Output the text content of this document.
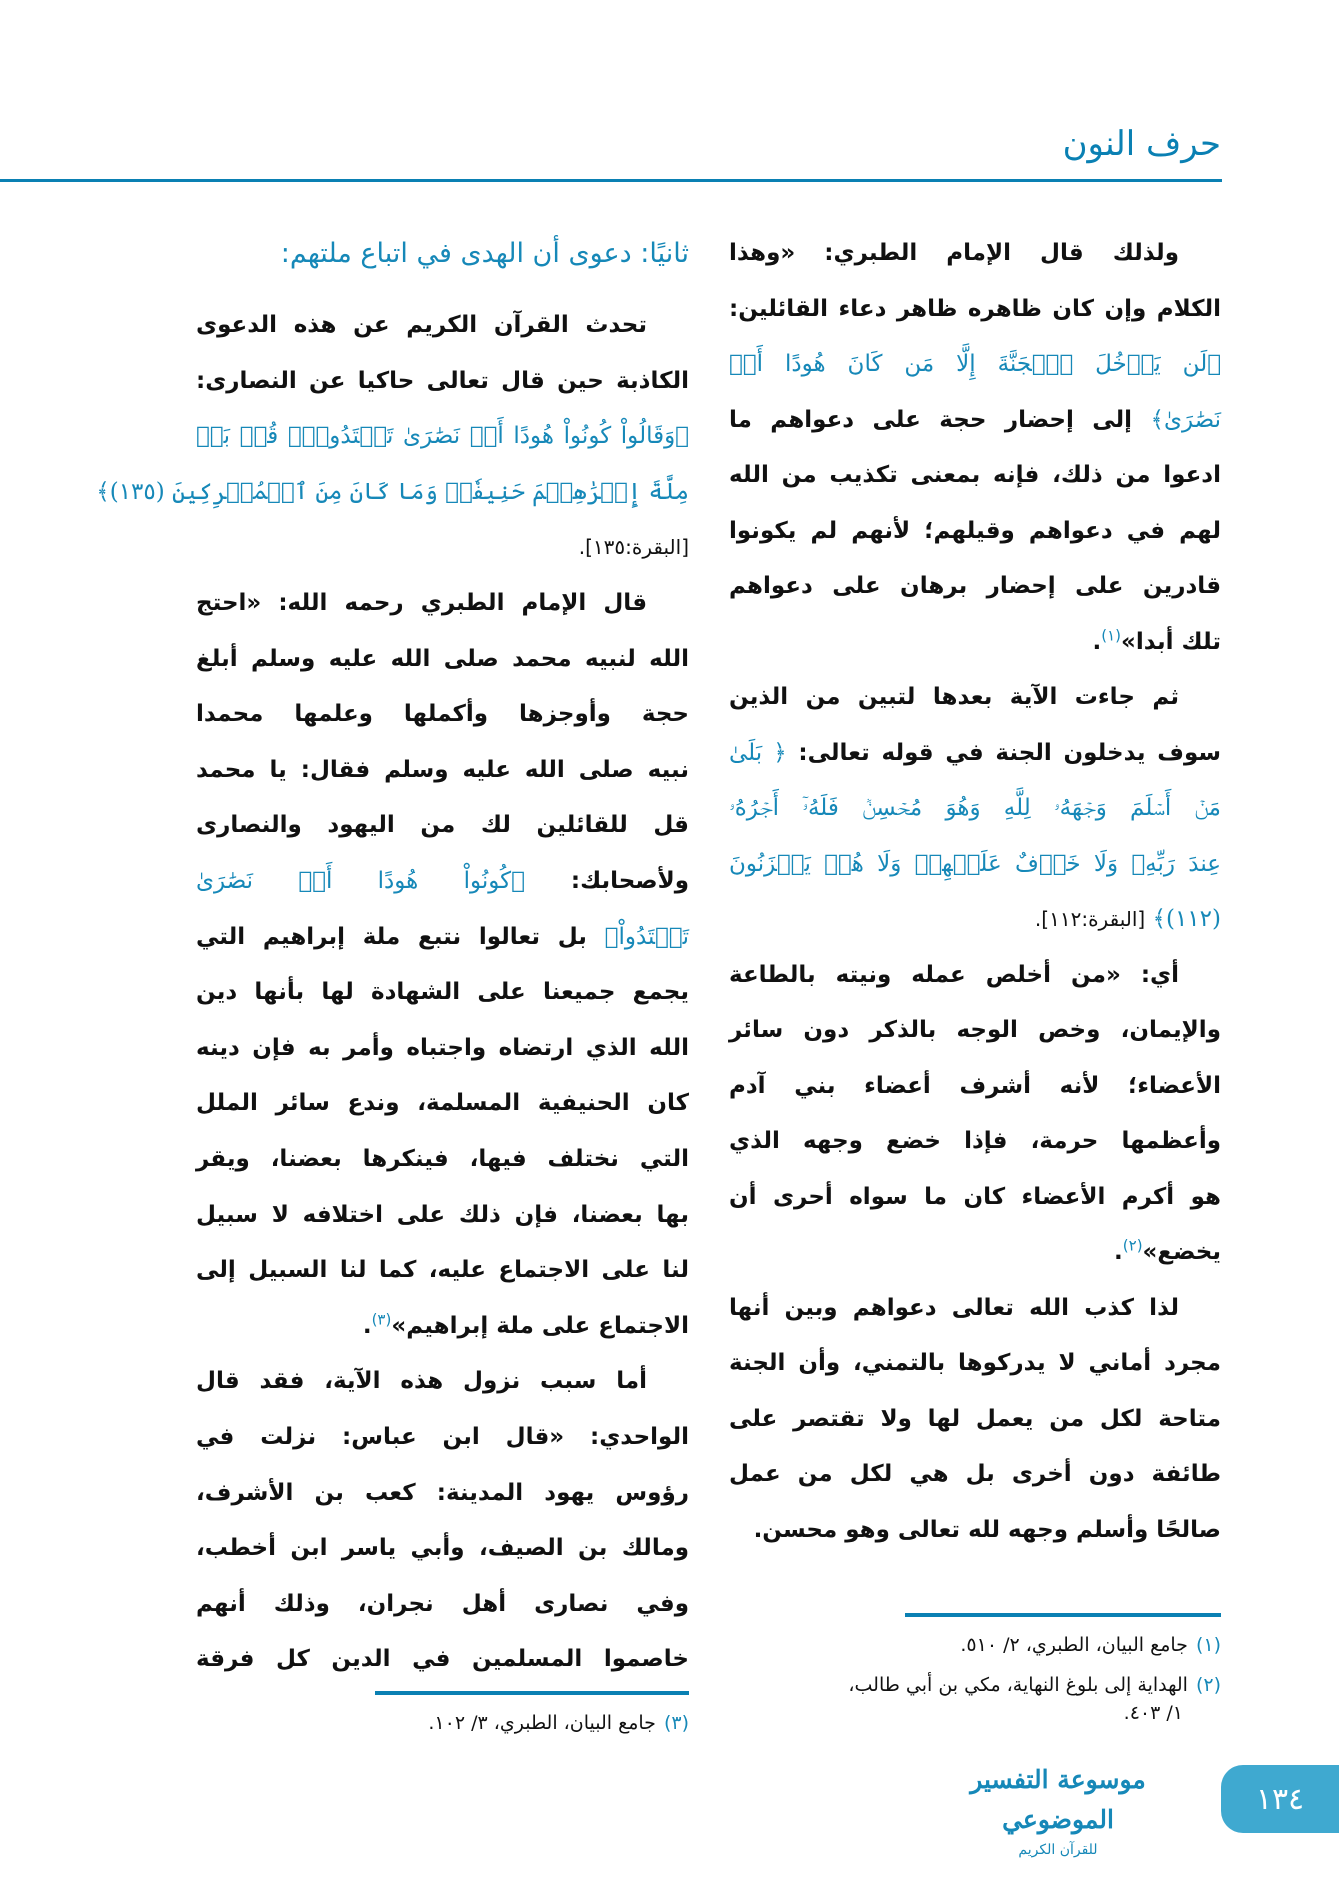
حرف النون
ولذلك قال الإمام الطبري: «وهذا
الكلام وإن كان ظاهره ظاهر دعاء القائلين:
﴿لَن يَدۡخُلَ ٱلۡجَنَّةَ إِلَّا مَن كَانَ هُودًا أَوۡ
نَصَٰرَىٰ﴾ إلى إحضار حجة على دعواهم ما
ادعوا من ذلك، فإنه بمعنى تكذيب من الله
لهم في دعواهم وقيلهم؛ لأنهم لم يكونوا
قادرين على إحضار برهان على دعواهم
تلك أبدا»$^{(١)}$.
ثم جاءت الآية بعدها لتبين من الذين
سوف يدخلون الجنة في قوله تعالى: ﴿ بَلَىٰ
مَنۡ أَسۡلَمَ وَجۡهَهُۥ لِلَّهِ وَهُوَ مُحۡسِنٞ فَلَهُۥٓ أَجۡرُهُۥ
عِندَ رَبِّهِۦ وَلَا خَوۡفٌ عَلَيۡهِمۡ وَلَا هُمۡ يَحۡزَنُونَ
(١١٢)﴾ [البقرة:١١٢].
أي: «من أخلص عمله ونيته بالطاعة
والإيمان، وخص الوجه بالذكر دون سائر
الأعضاء؛ لأنه أشرف أعضاء بني آدم
وأعظمها حرمة، فإذا خضع وجهه الذي
هو أكرم الأعضاء كان ما سواه أحرى أن
يخضع»$^{(٢)}$.
لذا كذب الله تعالى دعواهم وبين أنها
مجرد أماني لا يدركوها بالتمني، وأن الجنة
متاحة لكل من يعمل لها ولا تقتصر على
طائفة دون أخرى بل هي لكل من عمل
صالحًا وأسلم وجهه لله تعالى وهو محسن.
ثانيًا: دعوى أن الهدى في اتباع ملتهم:
تحدث القرآن الكريم عن هذه الدعوى
الكاذبة حين قال تعالى حاكيا عن النصارى:
﴿وَقَالُواْ كُونُواْ هُودًا أَوۡ نَصَٰرَىٰ تَهۡتَدُواْۗ قُلۡ بَلۡ
مِلَّةَ إِبۡرَٰهِـۧمَ حَنِيفٗاۖ وَمَا كَانَ مِنَ ٱلۡمُشۡرِكِينَ (١٣٥)﴾
[البقرة:١٣٥].
قال الإمام الطبري رحمه الله: «احتج
الله لنبيه محمد صلى الله عليه وسلم أبلغ
حجة وأوجزها وأكملها وعلمها محمدا
نبيه صلى الله عليه وسلم فقال: يا محمد
قل للقائلين لك من اليهود والنصارى
ولأصحابك: ﴿كُونُواْ هُودًا أَوۡ نَصَٰرَىٰ
تَهۡتَدُواْ﴾ بل تعالوا نتبع ملة إبراهيم التي
يجمع جميعنا على الشهادة لها بأنها دين
الله الذي ارتضاه واجتباه وأمر به فإن دينه
كان الحنيفية المسلمة، وندع سائر الملل
التي نختلف فيها، فينكرها بعضنا، ويقر
بها بعضنا، فإن ذلك على اختلافه لا سبيل
لنا على الاجتماع عليه، كما لنا السبيل إلى
الاجتماع على ملة إبراهيم»$^{(٣)}$.
أما سبب نزول هذه الآية، فقد قال
الواحدي: «قال ابن عباس: نزلت في
رؤوس يهود المدينة: كعب بن الأشرف،
ومالك بن الصيف، وأبي ياسر ابن أخطب،
وفي نصارى أهل نجران، وذلك أنهم
خاصموا المسلمين في الدين كل فرقة
(١)جامع البيان، الطبري، ٢/ ٥١٠.
(٢)الهداية إلى بلوغ النهاية، مكي بن أبي طالب،
١/ ٤٠٣.
(٣)جامع البيان، الطبري، ٣/ ١٠٢.
موسوعة التفسير الموضوعي
للقرآن الكريم
١٣٤
